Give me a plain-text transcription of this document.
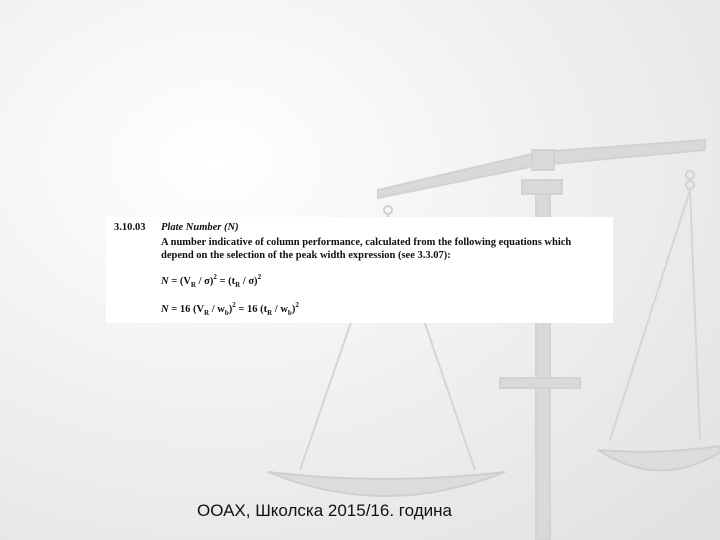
3.10.03 Plate Number (N)
A number indicative of column performance, calculated from the following equations which depend on the selection of the peak width expression (see 3.3.07):
$N = (V_R / \sigma)^2 = (t_R / \sigma)^2$
N = 16 $(V_R / w_b)^2 = 16$ $(t_R / w_b)^2$
ООАХ, Школска 2015/16. година
